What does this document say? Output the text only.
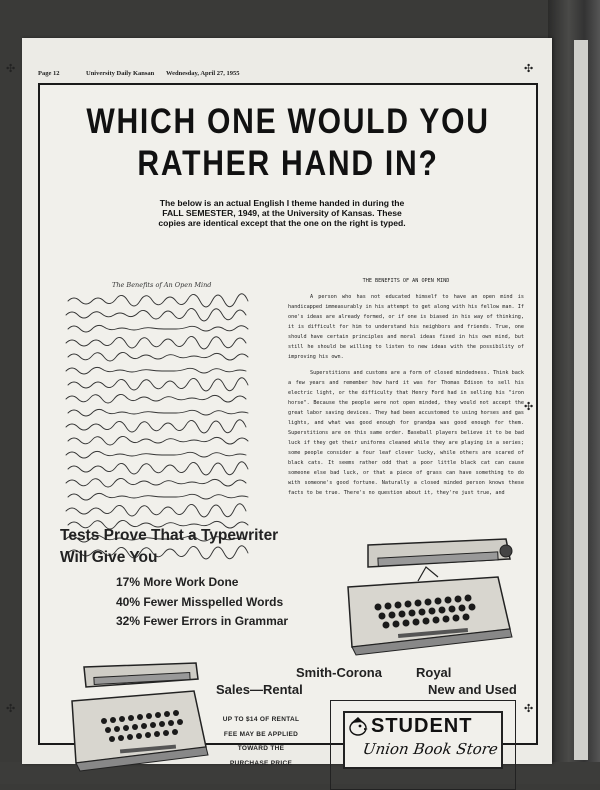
Page 12	University Daily Kansan Wednesday, April 27, 1955
WHICH ONE WOULD YOU
RATHER HAND IN?
The below is an actual English I theme handed in during the FALL SEMESTER, 1949, at the University of Kansas. These copies are identical except that the one on the right is typed.
The Benefits of An Open Mind	THE BENEFITS OF AN OPEN MIND

A person who has not educated himself to have an open mind is handicapped immeasurably in his attempt to get along with his fellow man. If one's ideas are already formed, or if one is biased in his way of thinking, it is difficult for him to understand his neighbors and friends. True, one should have certain principles and moral ideas fixed in his own mind, but still he should be willing to listen to new ideas with the possibility of improving his own.

Superstitions and customs are a form of closed mindedness. Think back a few years and remember how hard it was for Thomas Edison to sell his electric light, or the difficulty that Henry Ford had in selling his "iron horse". Because the people were not open minded, they would not accept the great labor saving devices. They had been accustomed to using horses and gas lights, and what was good enough for grandpa was good enough for them. Superstitions are on this same order. Baseball players believe it to be bad luck if they get their uniforms cleaned while they are playing in a series; some people consider a four leaf clover lucky, while others are scared of black cats. It seems rather odd that a poor little black cat can cause someone else bad luck, or that a piece of grass can have something to do with someone's good fortune. Naturally a closed minded person knows these facts to be true. There's no question about it, they're just true, and

Tests Prove That a Typewriter
Will Give You
17% More Work Done
40% Fewer Misspelled Words
32% Fewer Errors in Grammar
Smith-Corona	Royal
Sales—Rental	New and Used
UP TO $14 OF RENTAL
FEE MAY BE APPLIED
TOWARD THE
PURCHASE PRICE
STUDENT
Union Book Store
✣	✣
✣
✣
✣
